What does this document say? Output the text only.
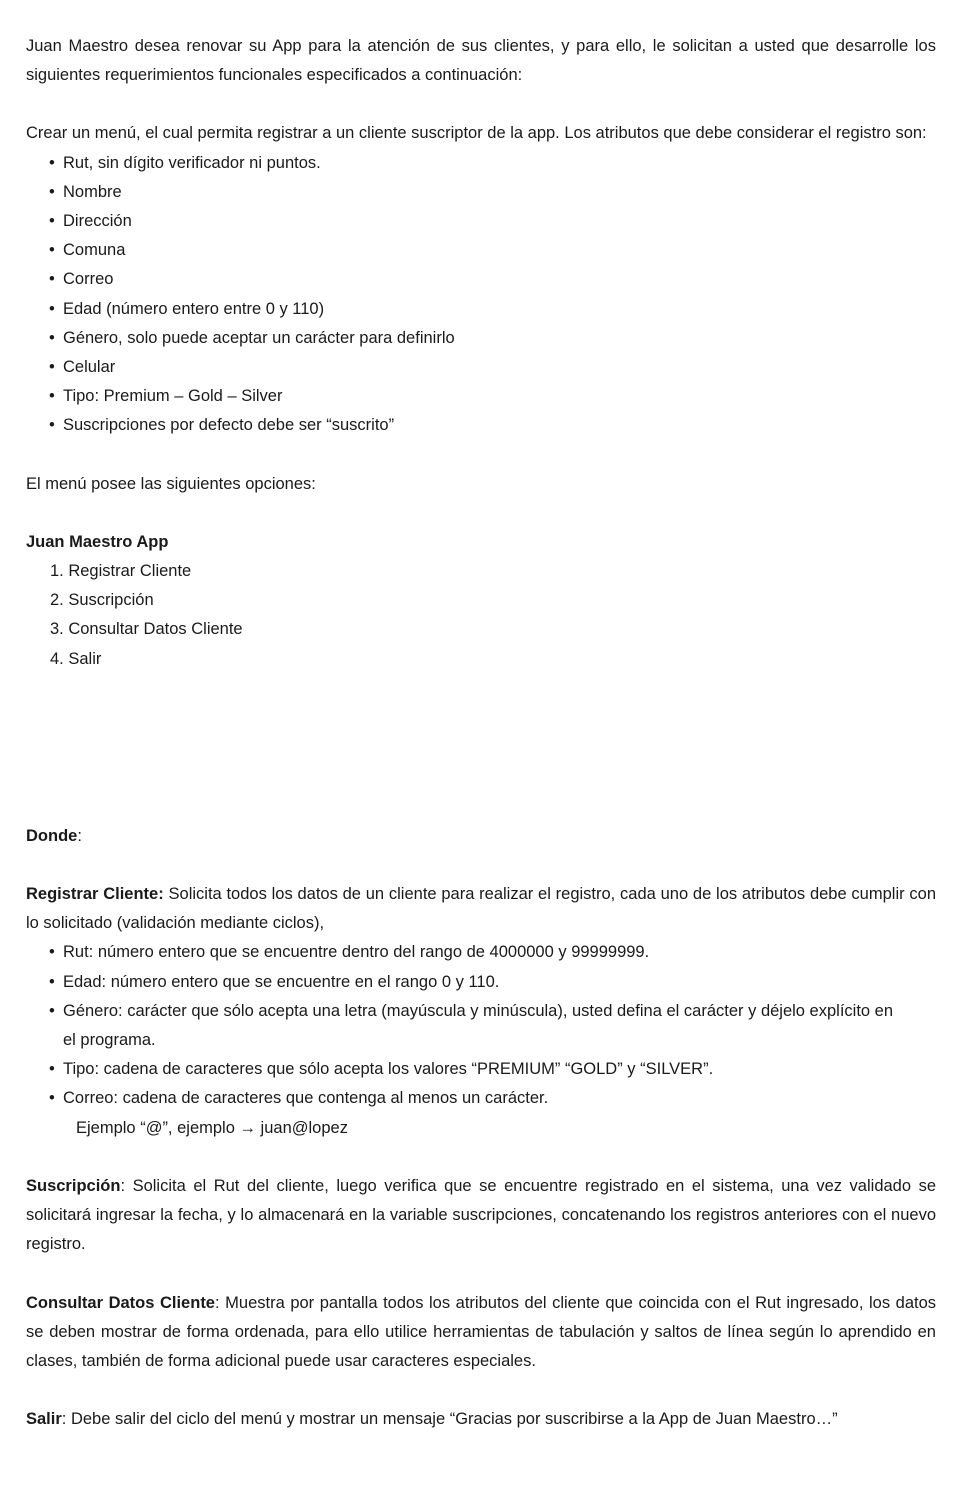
Juan Maestro desea renovar su App para la atención de sus clientes, y para ello, le solicitan a usted que desarrolle los siguientes requerimientos funcionales especificados a continuación:

Crear un menú, el cual permita registrar a un cliente suscriptor de la app. Los atributos que debe considerar el registro son:

• Rut, sin dígito verificador ni puntos.
• Nombre
• Dirección
• Comuna
• Correo
• Edad (número entero entre 0 y 110)
• Género, solo puede aceptar un carácter para definirlo
• Celular
• Tipo: Premium – Gold – Silver
• Suscripciones por defecto debe ser “suscrito”

El menú posee las siguientes opciones:

Juan Maestro App

1. Registrar Cliente
2. Suscripción
3. Consultar Datos Cliente
4. Salir

Donde:

Registrar Cliente: Solicita todos los datos de un cliente para realizar el registro, cada uno de los atributos debe cumplir con lo solicitado (validación mediante ciclos),

• Rut: número entero que se encuentre dentro del rango de 4000000 y 99999999.
• Edad: número entero que se encuentre en el rango 0 y 110.
• Género: carácter que sólo acepta una letra (mayúscula y minúscula), usted defina el carácter y déjelo explícito en el programa.
• Tipo: cadena de caracteres que sólo acepta los valores “PREMIUM” “GOLD” y “SILVER”.
• Correo: cadena de caracteres que contenga al menos un carácter.
Ejemplo “@”, ejemplo → juan@lopez

Suscripción: Solicita el Rut del cliente, luego verifica que se encuentre registrado en el sistema, una vez validado se solicitará ingresar la fecha, y lo almacenará en la variable suscripciones, concatenando los registros anteriores con el nuevo registro.

Consultar Datos Cliente: Muestra por pantalla todos los atributos del cliente que coincida con el Rut ingresado, los datos se deben mostrar de forma ordenada, para ello utilice herramientas de tabulación y saltos de línea según lo aprendido en clases, también de forma adicional puede usar caracteres especiales.

Salir: Debe salir del ciclo del menú y mostrar un mensaje “Gracias por suscribirse a la App de Juan Maestro…”
